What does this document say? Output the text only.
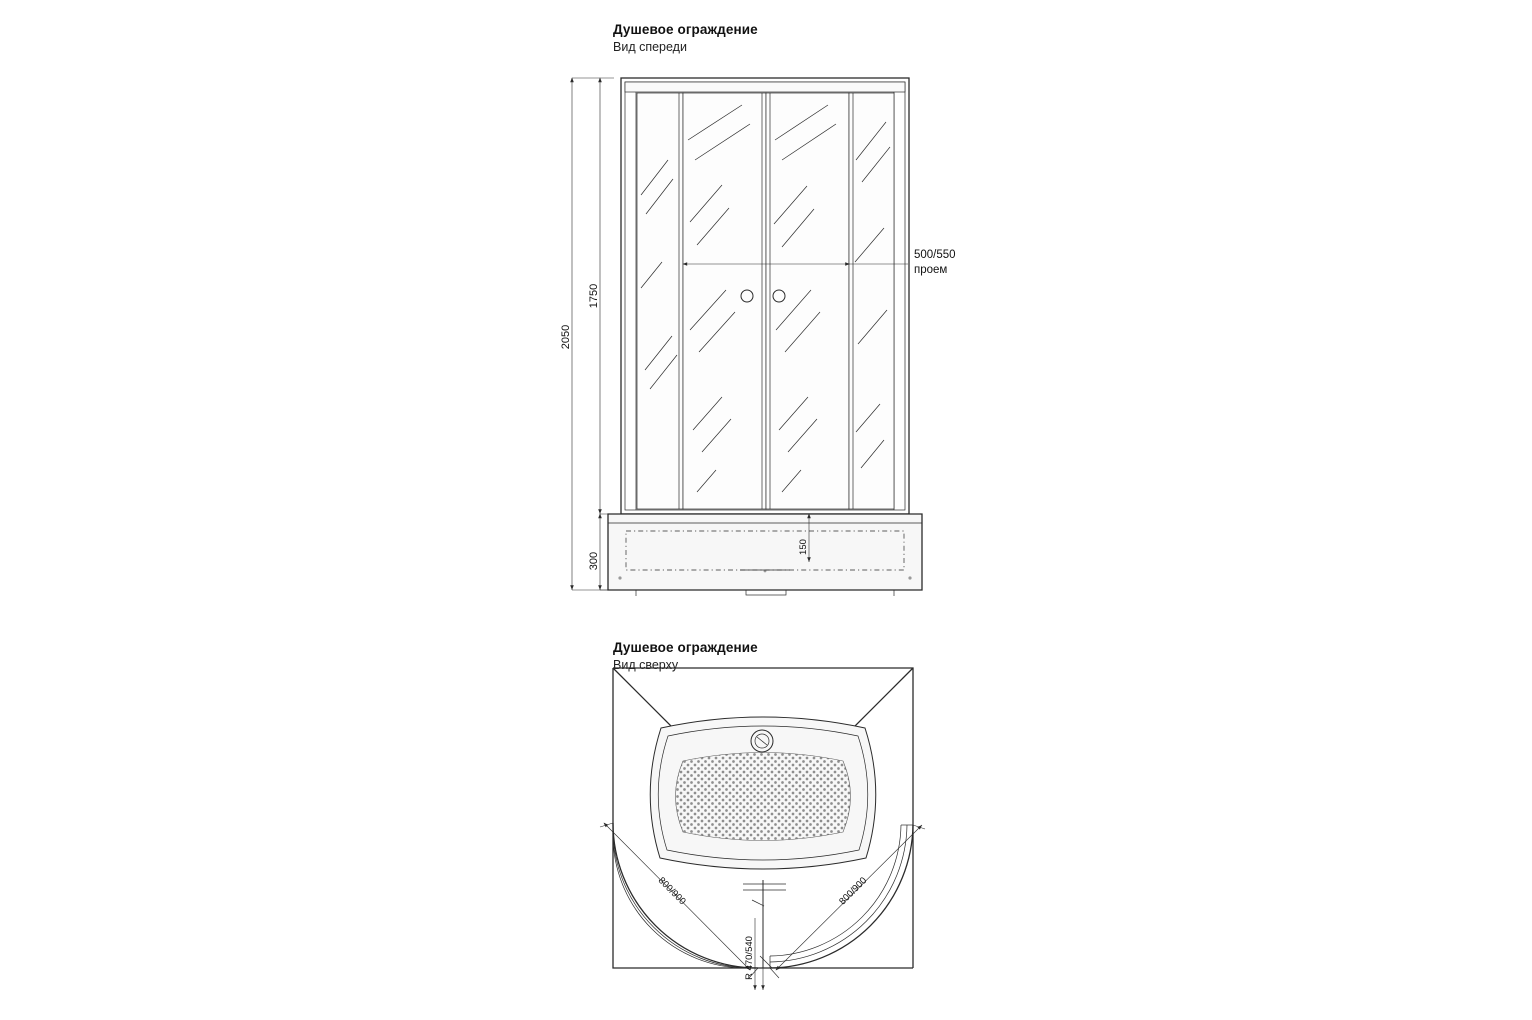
Душевое ограждение
Вид спереди
Душевое ограждение
Вид сверху
2050
1750
300
150
500/550
проем
800/900	800/900
R 470/540
